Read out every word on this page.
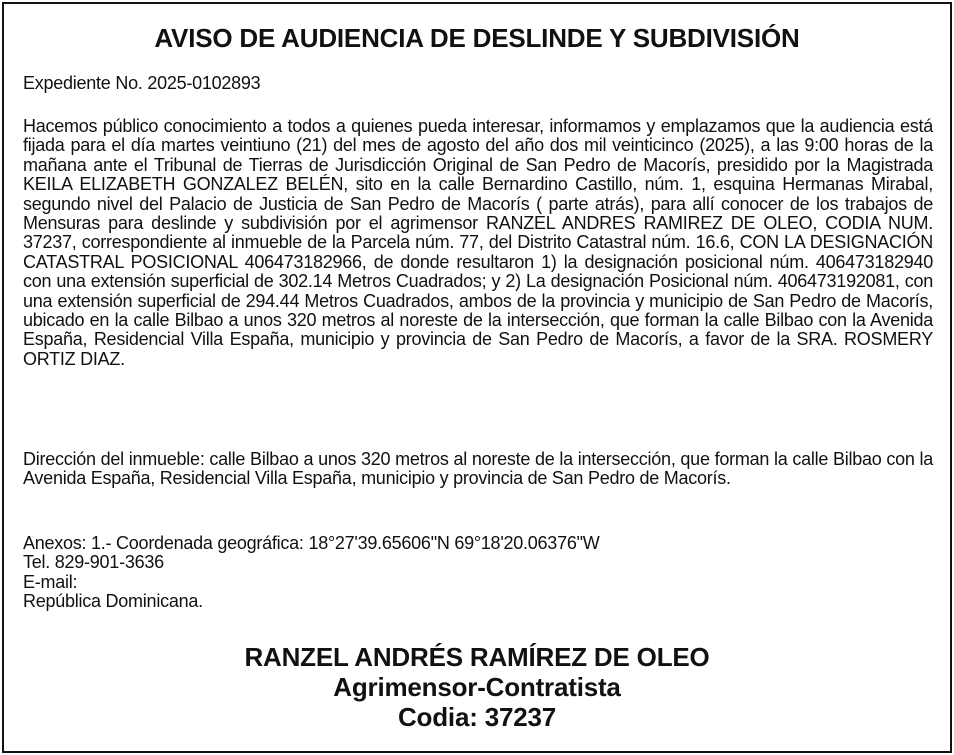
AVISO DE AUDIENCIA DE DESLINDE Y SUBDIVISIÓN
Expediente No. 2025-0102893
Hacemos público conocimiento a todos a quienes pueda interesar, informamos y emplazamos que la audiencia está fijada para el día martes veintiuno (21) del mes de agosto del año dos mil veinticinco (2025), a las 9:00 horas de la mañana ante el Tribunal de Tierras de Jurisdicción Original de San Pedro de Macorís, presidido por la Magistrada KEILA ELIZABETH GONZALEZ BELÉN, sito en la calle Bernardino Castillo, núm. 1, esquina Hermanas Mirabal, segundo nivel del Palacio de Justicia de San Pedro de Macorís ( parte atrás), para allí conocer de los trabajos de Mensuras para deslinde y subdivisión por el agrimensor RANZEL ANDRES RAMIREZ DE OLEO, CODIA NUM. 37237, correspondiente al inmueble de la Parcela núm. 77, del Distrito Catastral núm. 16.6, CON LA DESIGNACIÓN CATASTRAL POSICIONAL 406473182966, de donde resultaron 1) la designación posicional núm. 406473182940 con una extensión superficial de 302.14 Metros Cuadrados; y 2) La designación Posicional núm. 406473192081, con una extensión superficial de 294.44 Metros Cuadrados, ambos de la provincia y municipio de San Pedro de Macorís, ubicado en la calle Bilbao a unos 320 metros al noreste de la intersección, que forman la calle Bilbao con la Avenida España, Residencial Villa España, municipio y provincia de San Pedro de Macorís, a favor de la SRA. ROSMERY ORTIZ DIAZ.
Dirección del inmueble: calle Bilbao a unos 320 metros al noreste de la intersección, que forman la calle Bilbao con la Avenida España, Residencial Villa España, municipio y provincia de San Pedro de Macorís.
Anexos: 1.- Coordenada geográfica: 18°27'39.65606"N 69°18'20.06376"W
Tel. 829-901-3636
E-mail:
República Dominicana.
RANZEL ANDRÉS RAMÍREZ DE OLEO
Agrimensor-Contratista
Codia: 37237
